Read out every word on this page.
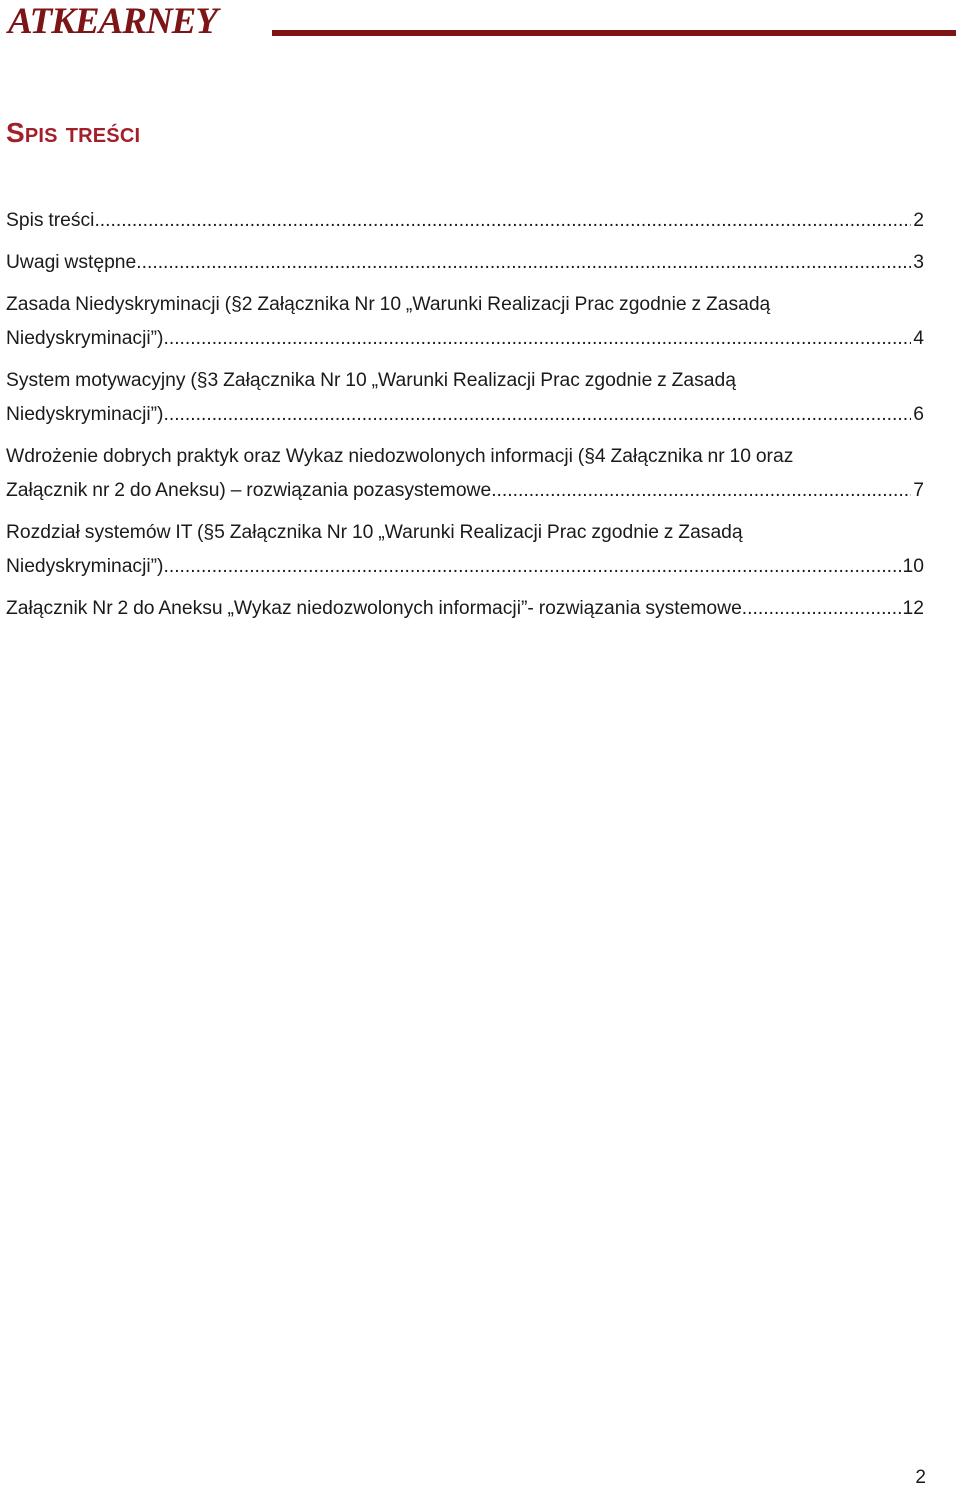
ATKEARNEY
Spis treści
Spis treści .....	2
Uwagi wstępne .....	3
Zasada Niedyskryminacji (§2 Załącznika Nr 10 „Warunki Realizacji Prac zgodnie z Zasadą
Niedyskryminacji”) .....	4
System motywacyjny (§3 Załącznika Nr 10 „Warunki Realizacji Prac zgodnie z Zasadą
Niedyskryminacji”) .....	6
Wdrożenie dobrych praktyk oraz Wykaz niedozwolonych informacji (§4 Załącznika nr 10 oraz
Załącznik nr 2 do Aneksu) – rozwiązania pozasystemowe .....	7
Rozdział systemów IT (§5 Załącznika Nr 10 „Warunki Realizacji Prac zgodnie z Zasadą
Niedyskryminacji”) .....	10
Załącznik Nr 2 do Aneksu „Wykaz niedozwolonych informacji”- rozwiązania systemowe .....	12
2
